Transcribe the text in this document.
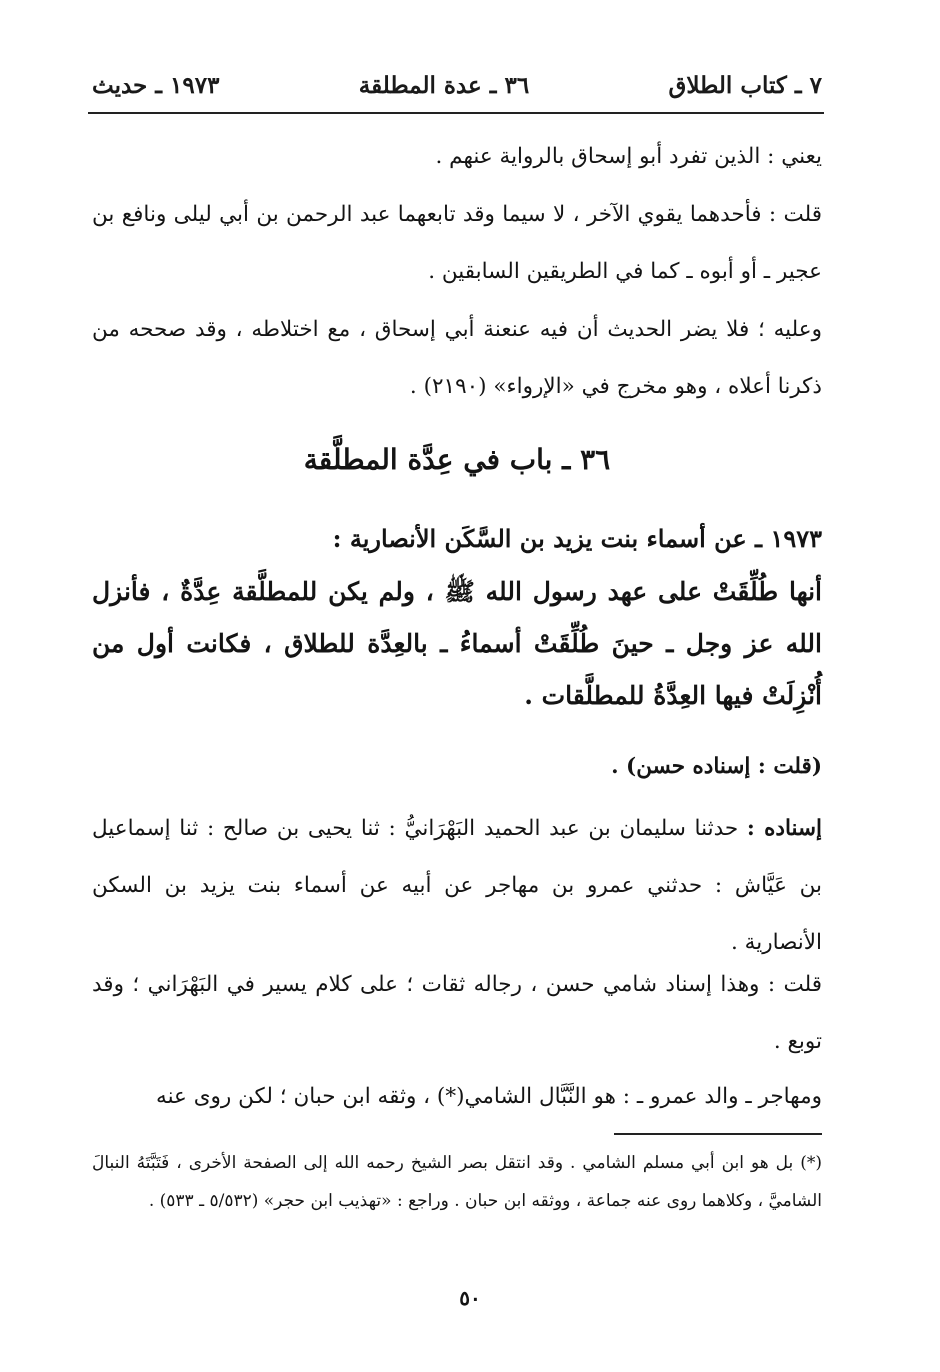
٧ ـ كتاب الطلاق
٣٦ ـ عدة المطلقة
١٩٧٣ ـ حديث

يعني : الذين تفرد أبو إسحاق بالرواية عنهم .

قلت : فأحدهما يقوي الآخر ، لا سيما وقد تابعهما عبد الرحمن بن أبي ليلى ونافع بن عجير ـ أو أبوه ـ كما في الطريقين السابقين .

وعليه ؛ فلا يضر الحديث أن فيه عنعنة أبي إسحاق ، مع اختلاطه ، وقد صححه من ذكرنا أعلاه ، وهو مخرج في «الإرواء» (٢١٩٠) .

٣٦ ـ باب في عِدَّة المطلَّقة

١٩٧٣ ـ عن أسماء بنت يزيد بن السَّكَن الأنصارية :

أنها طُلِّقَتْ على عهد رسول الله ﷺ ، ولم يكن للمطلَّقة عِدَّةٌ ، فأنزل الله عز وجل ـ حينَ طُلِّقَتْ أسماءُ ـ بالعِدَّة للطلاق ، فكانت أول من أُنْزِلَتْ فيها العِدَّةُ للمطلَّقات .

(قلت : إسناده حسن) .

إسناده : حدثنا سليمان بن عبد الحميد البَهْرَانيُّ : ثنا يحيى بن صالح : ثنا إسماعيل بن عَيَّاش : حدثني عمرو بن مهاجر عن أبيه عن أسماء بنت يزيد بن السكن الأنصارية .

قلت : وهذا إسناد شامي حسن ، رجاله ثقات ؛ على كلام يسير في البَهْرَاني ؛ وقد توبع .

ومهاجر ـ والد عمرو ـ : هو النَّبَّال الشامي(*) ، وثقه ابن حبان ؛ لكن روى عنه

(*) بل هو ابن أبي مسلم الشامي . وقد انتقل بصر الشيخ رحمه الله إلى الصفحة الأخرى ، فَتَبَّتَهُ النبالَ الشاميَّ ، وكلاهما روى عنه جماعة ، ووثقه ابن حبان . وراجع : «تهذيب ابن حجر» (٥/٥٣٢ ـ ٥٣٣) .

٥٠
